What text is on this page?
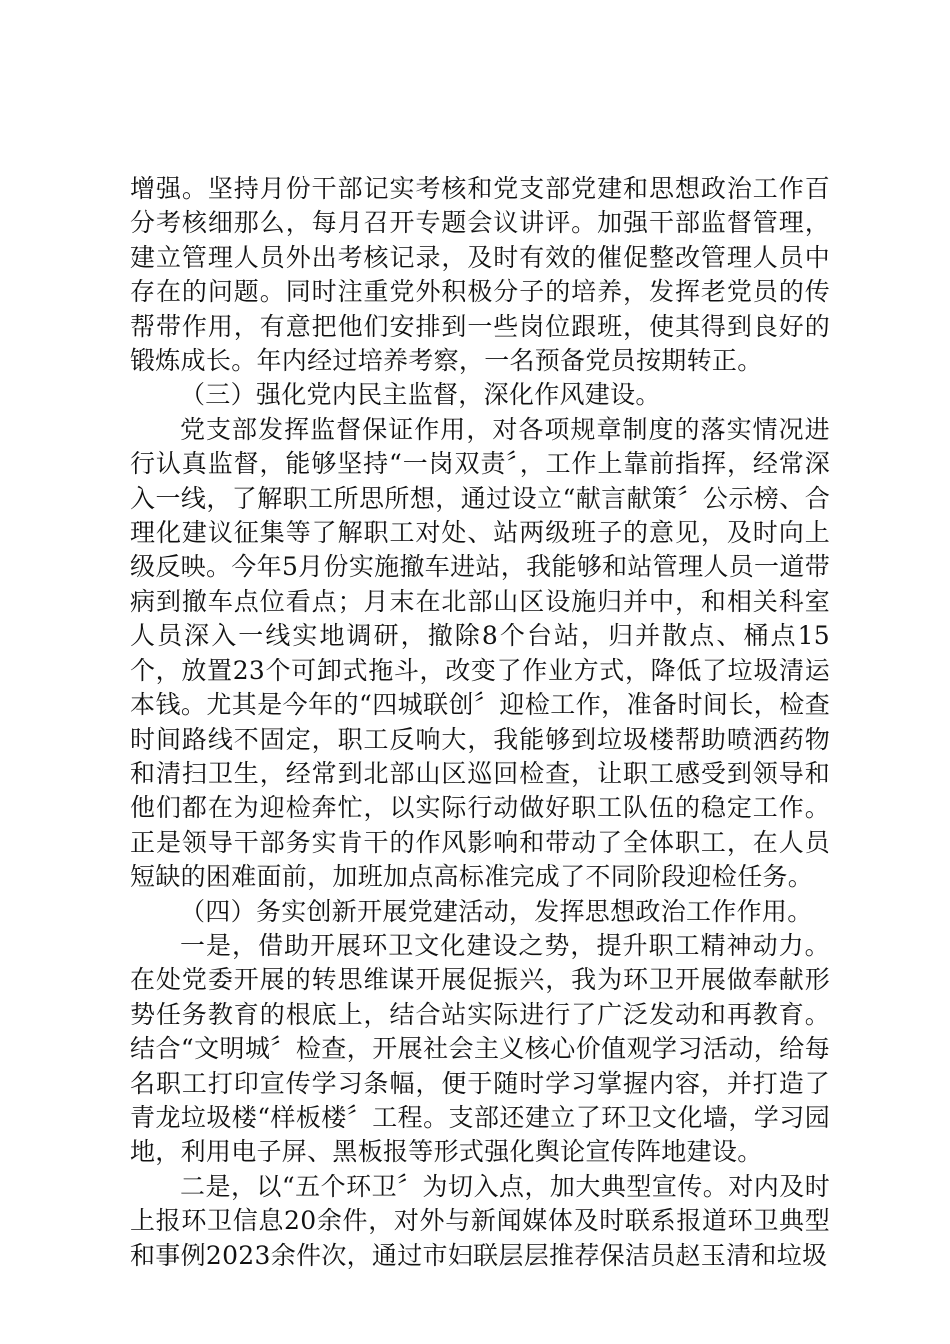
增强。坚持月份干部记实考核和党支部党建和思想政治工作百分考核细那么，每月召开专题会议讲评。加强干部监督管理，建立管理人员外出考核记录，及时有效的催促整改管理人员中存在的问题。同时注重党外积极分子的培养，发挥老党员的传帮带作用，有意把他们安排到一些岗位跟班，使其得到良好的锻炼成长。年内经过培养考察，一名预备党员按期转正。

（三）强化党内民主监督，深化作风建设。

党支部发挥监督保证作用，对各项规章制度的落实情况进行认真监督，能够坚持“一岗双责〞，工作上靠前指挥，经常深入一线，了解职工所思所想，通过设立“献言献策〞公示榜、合理化建议征集等了解职工对处、站两级班子的意见，及时向上级反映。今年5月份实施撤车进站，我能够和站管理人员一道带病到撤车点位看点；月末在北部山区设施归并中，和相关科室人员深入一线实地调研，撤除8个台站，归并散点、桶点15个，放置23个可卸式拖斗，改变了作业方式，降低了垃圾清运本钱。尤其是今年的“四城联创〞迎检工作，准备时间长，检查时间路线不固定，职工反响大，我能够到垃圾楼帮助喷洒药物和清扫卫生，经常到北部山区巡回检查，让职工感受到领导和他们都在为迎检奔忙，以实际行动做好职工队伍的稳定工作。正是领导干部务实肯干的作风影响和带动了全体职工，在人员短缺的困难面前，加班加点高标准完成了不同阶段迎检任务。

（四）务实创新开展党建活动，发挥思想政治工作作用。

一是，借助开展环卫文化建设之势，提升职工精神动力。在处党委开展的转思维谋开展促振兴，我为环卫开展做奉献形势任务教育的根底上，结合站实际进行了广泛发动和再教育。结合“文明城〞检查，开展社会主义核心价值观学习活动，给每名职工打印宣传学习条幅，便于随时学习掌握内容，并打造了青龙垃圾楼“样板楼〞工程。支部还建立了环卫文化墙，学习园地，利用电子屏、黑板报等形式强化舆论宣传阵地建设。

二是，以“五个环卫〞为切入点，加大典型宣传。对内及时上报环卫信息20余件，对外与新闻媒体及时联系报道环卫典型和事例2023余件次，通过市妇联层层推荐保洁员赵玉清和垃圾
